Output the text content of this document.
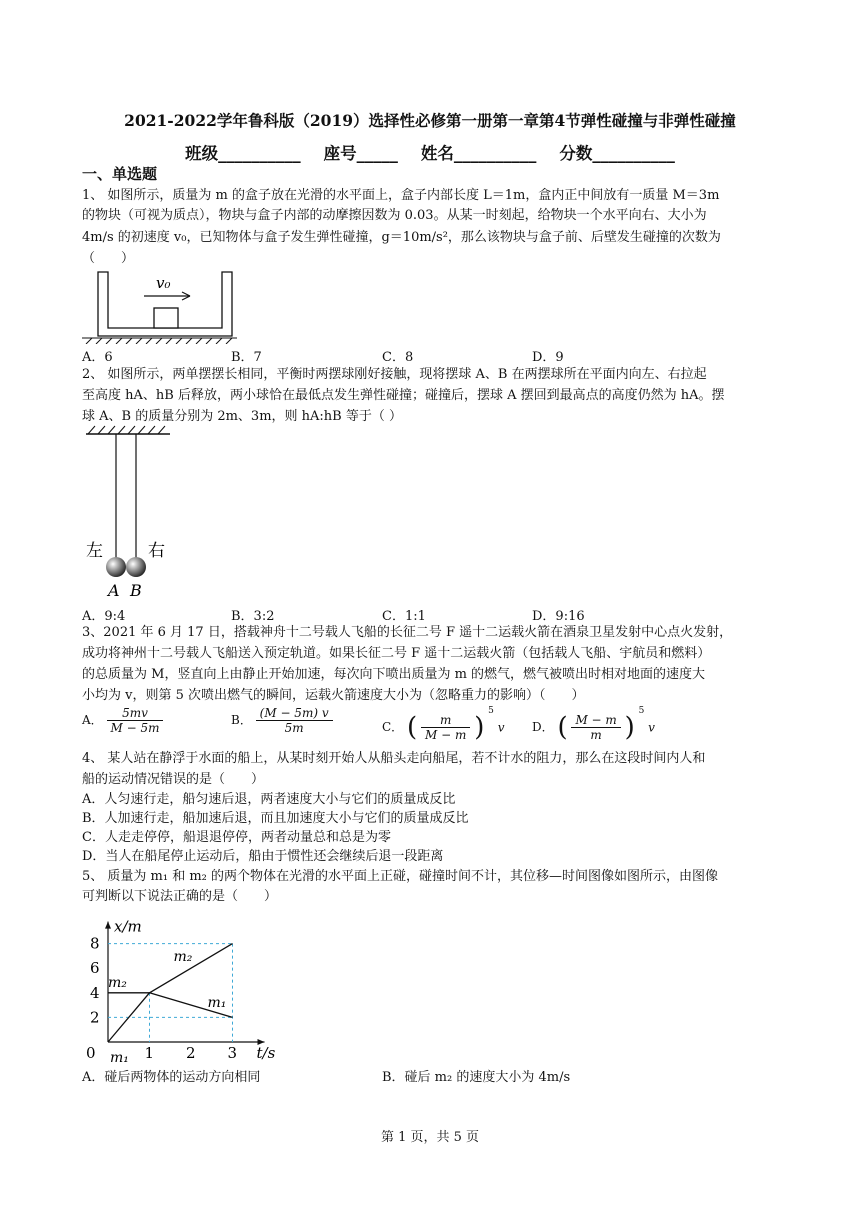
2021-2022学年鲁科版（2019）选择性必修第一册第一章第4节弹性碰撞与非弹性碰撞
班级__________    座号_____    姓名__________    分数__________
一、单选题
1、 如图所示，质量为 m 的盒子放在光滑的水平面上，盒子内部长度 L＝1m，盒内正中间放有一质量 M＝3m
的物块（可视为质点），物块与盒子内部的动摩擦因数为 0.03。从某一时刻起，给物块一个水平向右、大小为
4m/s 的初速度 v₀，已知物体与盒子发生弹性碰撞，g＝10m/s²，那么该物块与盒子前、后壁发生碰撞的次数为
（　　）
v₀
A．6	B．7	C．8	D．9
2、 如图所示，两单摆摆长相同，平衡时两摆球刚好接触，现将摆球 A、B 在两摆球所在平面内向左、右拉起
至高度 hA、hB 后释放，两小球恰在最低点发生弹性碰撞；碰撞后，摆球 A 摆回到最高点的高度仍然为 hA。摆
球 A、B 的质量分别为 2m、3m，则 hA:hB 等于（ ）
左	右
A B
A．9:4	B．3:2	C．1:1	D．9:16
3、2021 年 6 月 17 日，搭载神舟十二号载人飞船的长征二号 F 遥十二运载火箭在酒泉卫星发射中心点火发射，
成功将神州十二号载人飞船送入预定轨道。如果长征二号 F 遥十二运载火箭（包括载人飞船、宇航员和燃料）
的总质量为 M，竖直向上由静止开始加速，每次向下喷出质量为 m 的燃气，燃气被喷出时相对地面的速度大
小均为 v，则第 5 次喷出燃气的瞬间，运载火箭速度大小为（忽略重力的影响）（　　）
A． $\frac{5mv}{M - 5m}$	B． $\frac{(M - 5m) v}{5m}$	C． ( $\frac{m}{M - m}$ ) $^5$ v D． ( $\frac{M - m}{m}$ ) $^5$ v
4、 某人站在静浮于水面的船上，从某时刻开始人从船头走向船尾，若不计水的阻力，那么在这段时间内人和
船的运动情况错误的是（　　）
A．人匀速行走，船匀速后退，两者速度大小与它们的质量成反比
B．人加速行走，船加速后退，而且加速度大小与它们的质量成反比
C．人走走停停，船退退停停，两者动量总和总是为零
D．当人在船尾停止运动后，船由于惯性还会继续后退一段距离
5、 质量为 m₁ 和 m₂ 的两个物体在光滑的水平面上正碰，碰撞时间不计，其位移—时间图像如图所示，由图像
可判断以下说法正确的是（　　）
x/m
t/s
0	1 2 3
2
4
6
8
m₁
m₁
m₂
m₂
A．碰后两物体的运动方向相同	B．碰后 m₂ 的速度大小为 4m/s
第 1 页，共 5 页
